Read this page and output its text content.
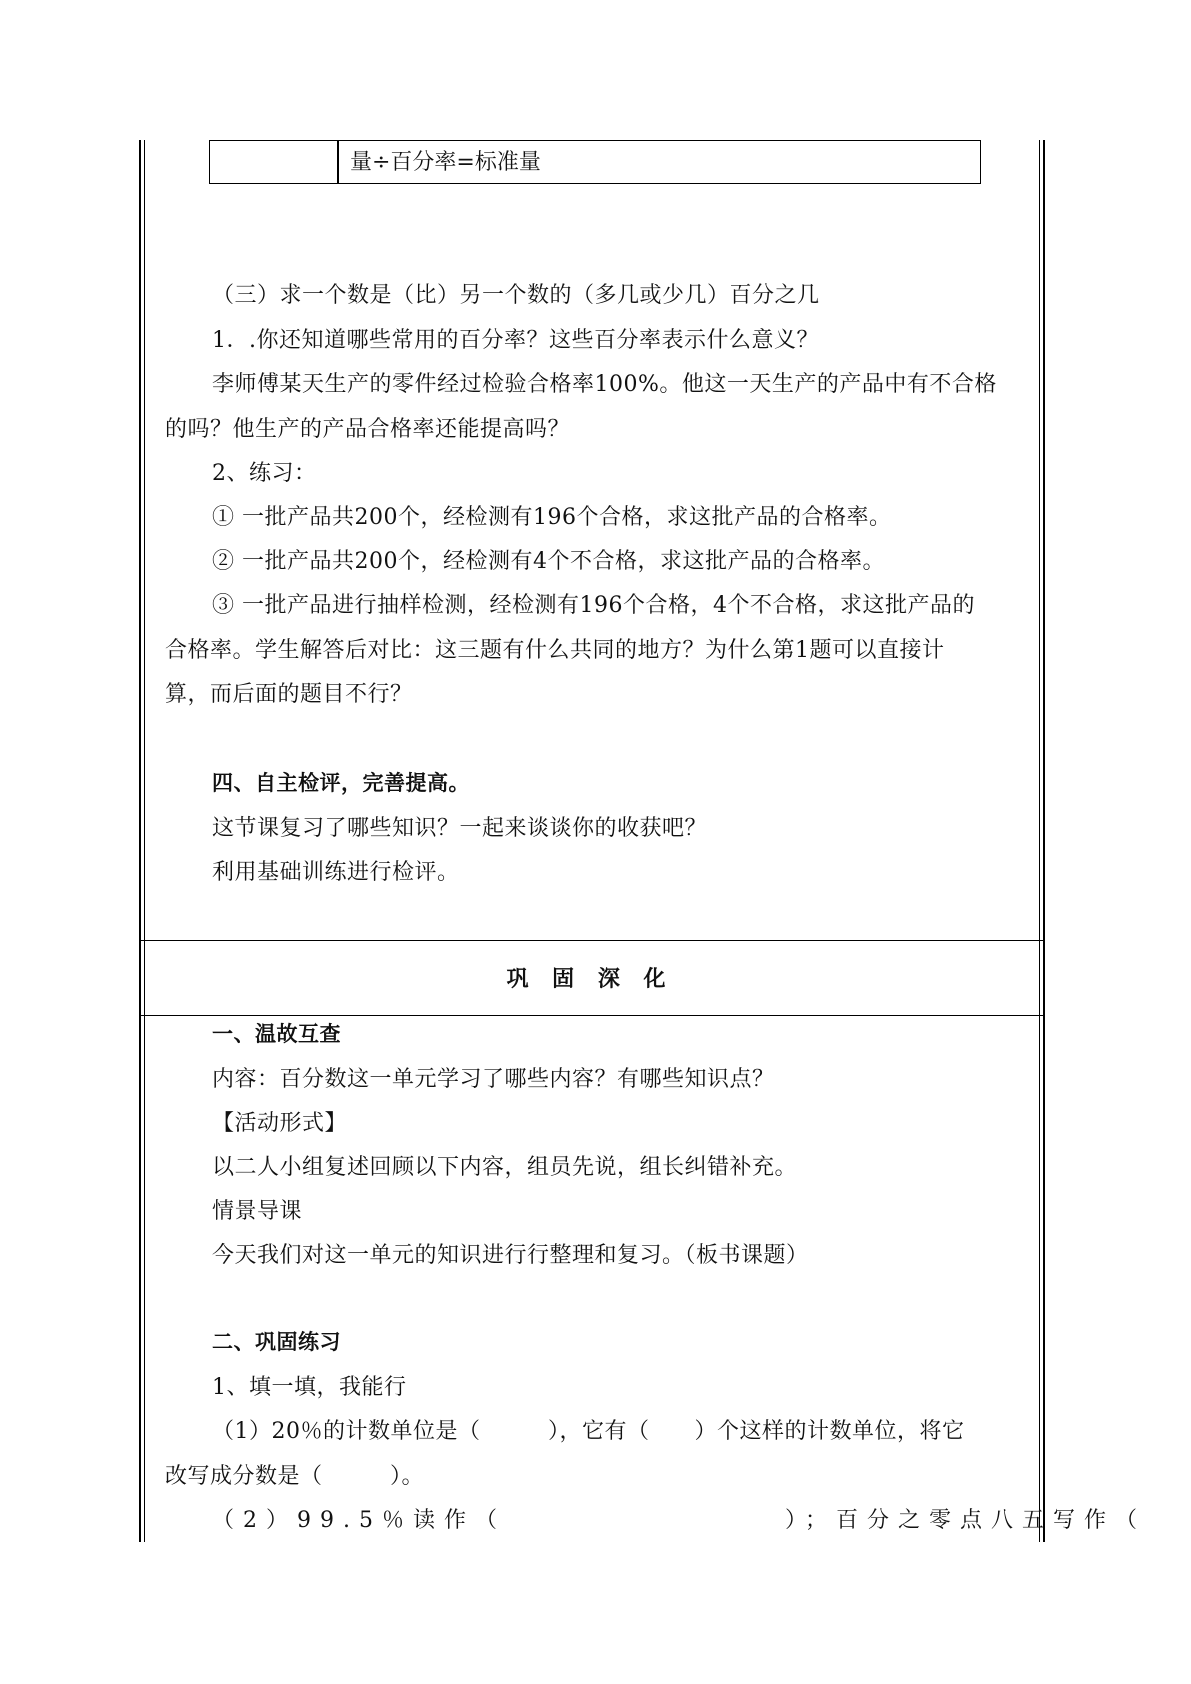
量÷百分率=标准量
（三）求一个数是（比）另一个数的（多几或少几）百分之几
1．.你还知道哪些常用的百分率？这些百分率表示什么意义？
李师傅某天生产的零件经过检验合格率100%。他这一天生产的产品中有不合格
的吗？他生产的产品合格率还能提高吗？
2、练习：
① 一批产品共200个，经检测有196个合格，求这批产品的合格率。
② 一批产品共200个，经检测有4个不合格，求这批产品的合格率。
③ 一批产品进行抽样检测，经检测有196个合格，4个不合格，求这批产品的
合格率。学生解答后对比：这三题有什么共同的地方？为什么第1题可以直接计
算，而后面的题目不行？
四、自主检评，完善提高。
这节课复习了哪些知识？一起来谈谈你的收获吧？
利用基础训练进行检评。
巩 固 深 化
一、温故互查
内容：百分数这一单元学习了哪些内容？有哪些知识点？
【活动形式】
以二人小组复述回顾以下内容，组员先说，组长纠错补充。
情景导课
今天我们对这一单元的知识进行行整理和复习。（板书课题）
二、巩固练习
1、填一填，我能行
（1）20％的计数单位是（　　　），它有（　　）个这样的计数单位，将它
改写成分数是（　　　）。
（2）99.5％读作（　　　　　　　　　）；百分之零点八五写作（
